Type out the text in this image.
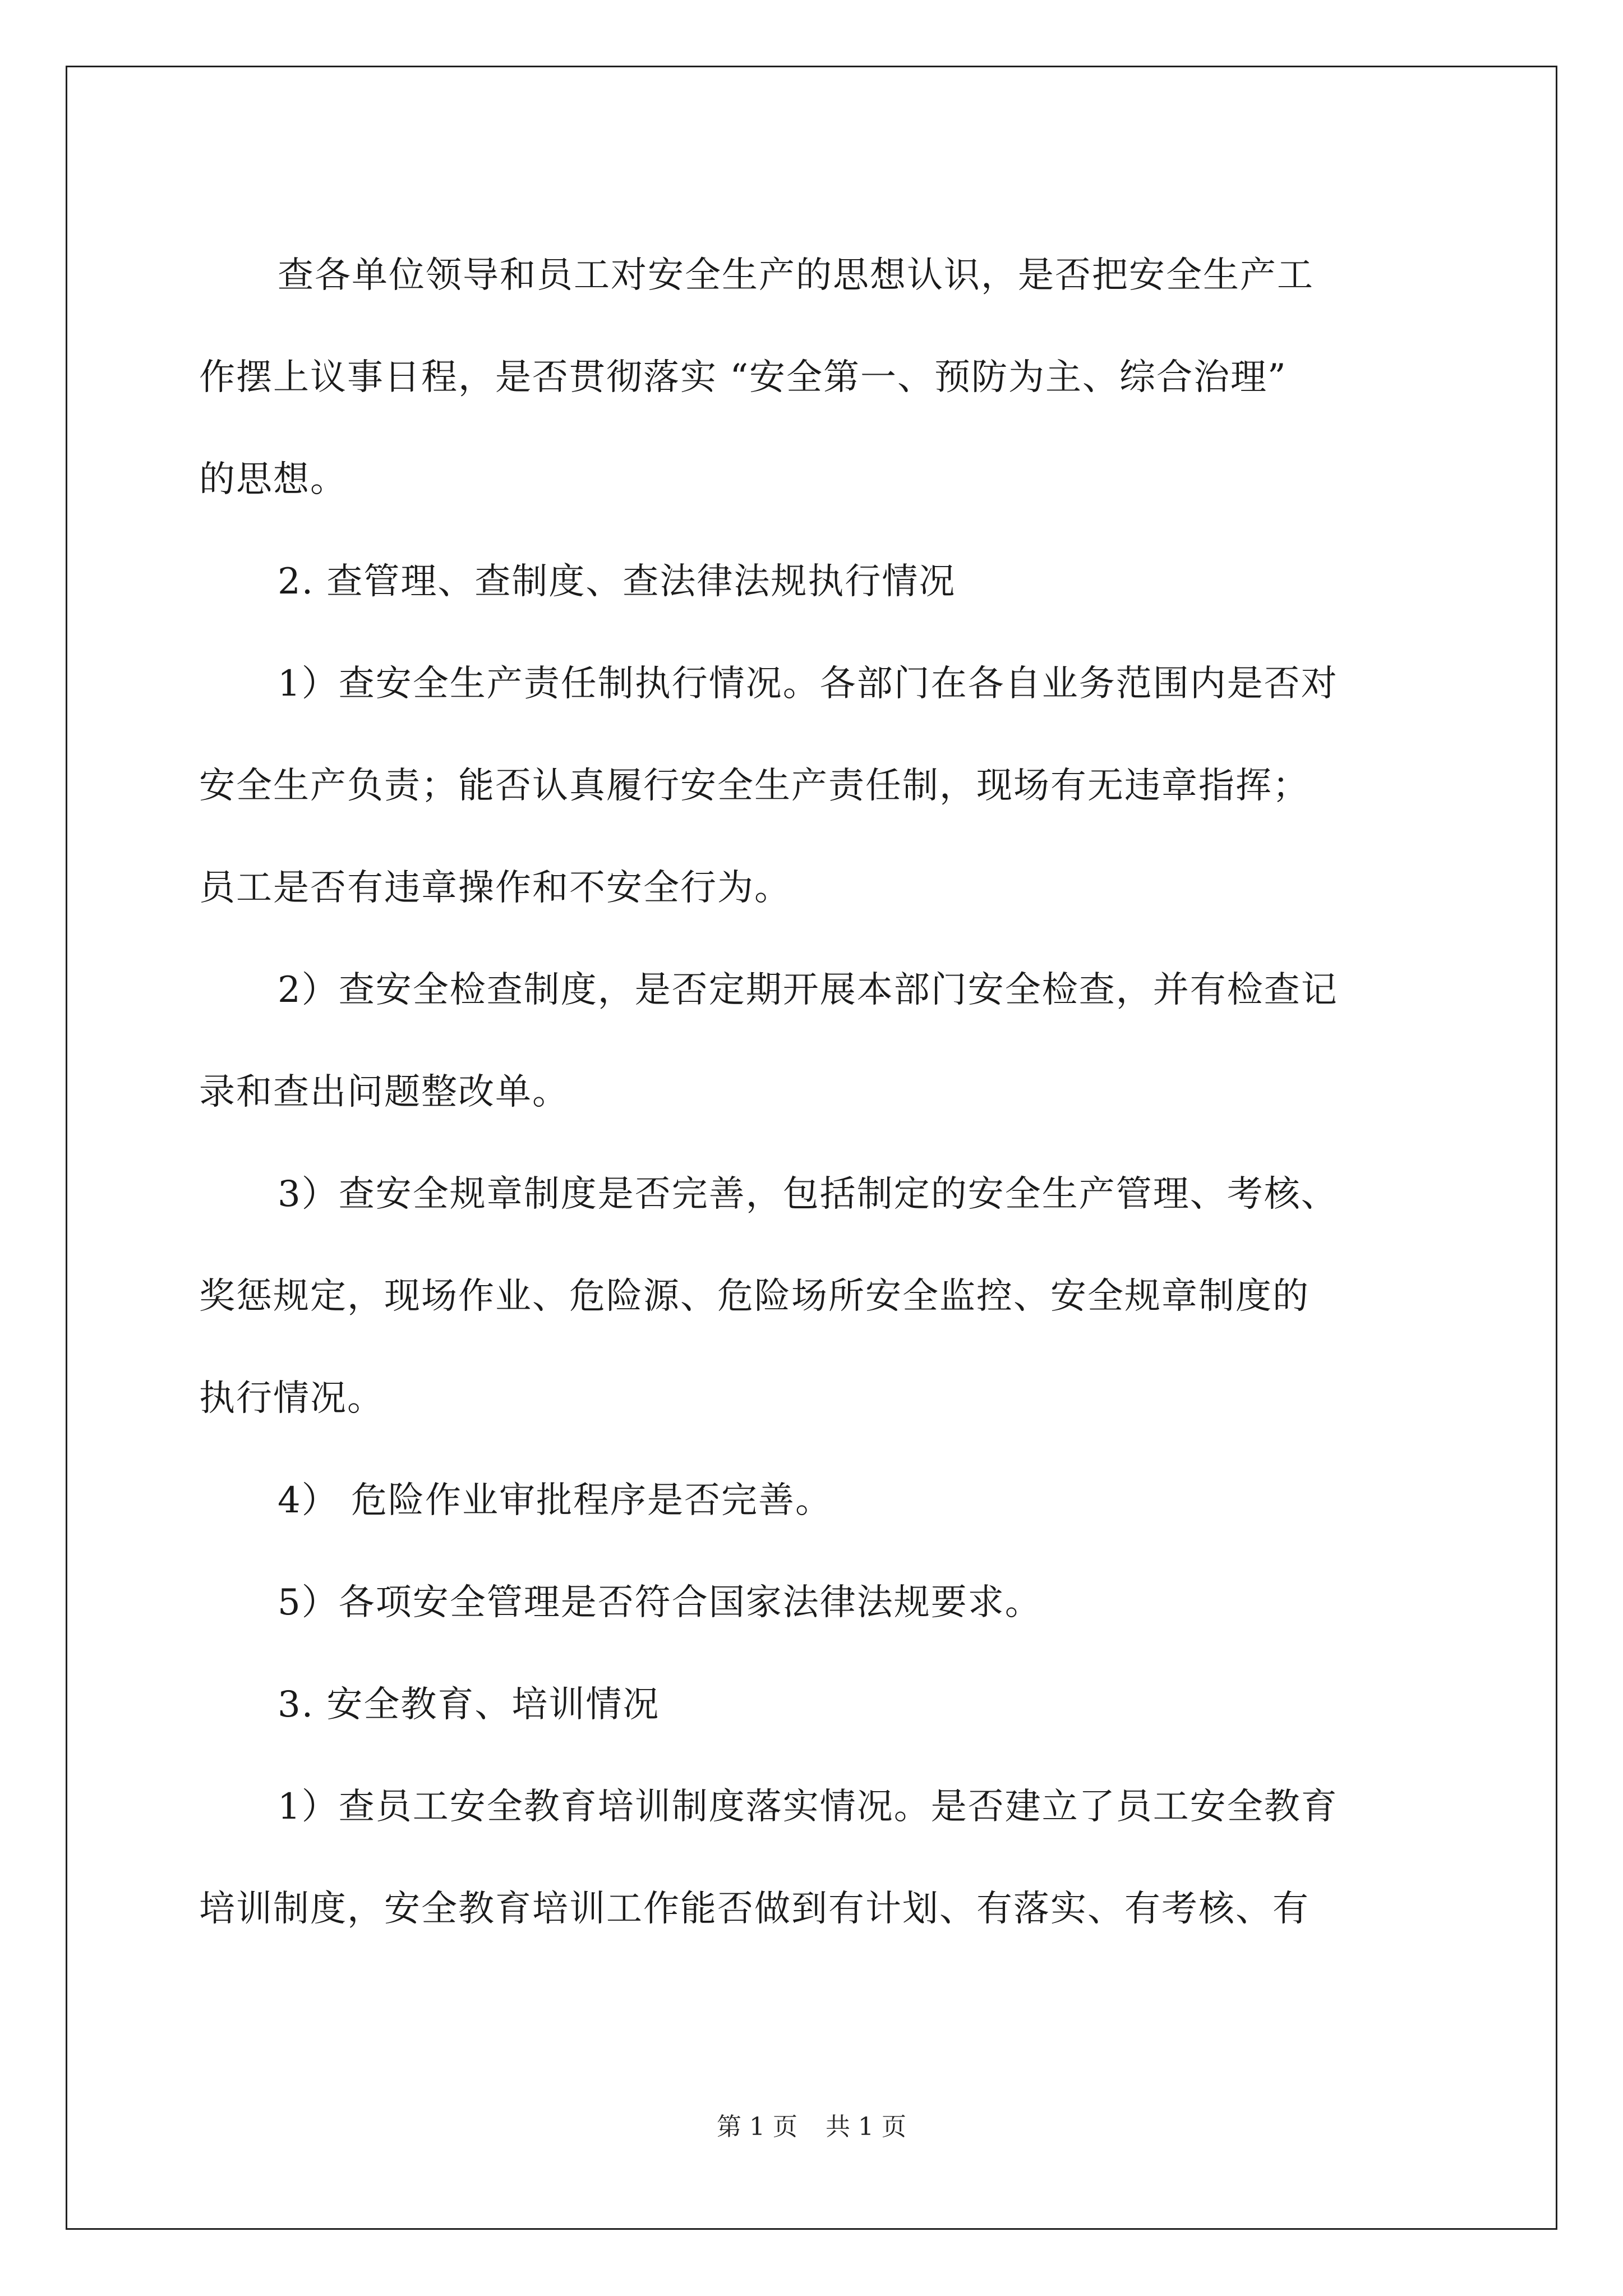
查各单位领导和员工对安全生产的思想认识，是否把安全生产工
作摆上议事日程，是否贯彻落实 “安全第一、预防为主、综合治理”
的思想。

2. 查管理、查制度、查法律法规执行情况

1）查安全生产责任制执行情况。各部门在各自业务范围内是否对
安全生产负责；能否认真履行安全生产责任制，现场有无违章指挥；
员工是否有违章操作和不安全行为。

2）查安全检查制度，是否定期开展本部门安全检查，并有检查记
录和查出问题整改单。

3）查安全规章制度是否完善，包括制定的安全生产管理、考核、
奖惩规定，现场作业、危险源、危险场所安全监控、安全规章制度的
执行情况。

4） 危险作业审批程序是否完善。

5）各项安全管理是否符合国家法律法规要求。

3. 安全教育、培训情况

1）查员工安全教育培训制度落实情况。是否建立了员工安全教育
培训制度，安全教育培训工作能否做到有计划、有落实、有考核、有

第 1 页 共 1 页
